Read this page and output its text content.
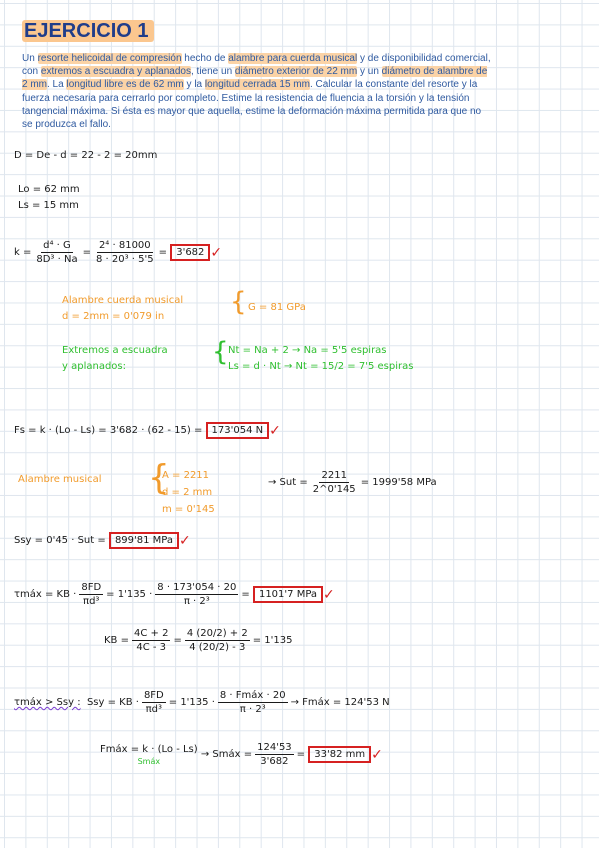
EJERCICIO 1
Un resorte helicoidal de compresión hecho de alambre para cuerda musical y de disponibilidad comercial, con extremos a escuadra y aplanados, tiene un diámetro exterior de 22 mm y un diámetro de alambre de 2 mm. La longitud libre es de 62 mm y la longitud cerrada 15 mm. Calcular la constante del resorte y la fuerza necesaria para cerrarlo por completo. Estime la resistencia de fluencia a la torsión y la tensión tangencial máxima. Si ésta es mayor que aquella, estime la deformación máxima permitida para que no se produzca el fallo.
D = De - d = 22 - 2 = 20mm
Lo = 62 mm
Ls = 15 mm
$k = \frac{\text{d⁴ · G}}{\text{8D³ · Na}} = \frac{\text{2⁴ · 81000}}{\text{8 · 20³ · 5'5}}$ =
3'682 ✓
Alambre cuerda musical
d = 2mm = 0'079 in	{ G = 81 GPa
Extremos a escuadra
y aplanados:	{ Nt = Na + 2 → Na = 5'5 espiras
Ls = d · Nt → Nt = 15/2 = 7'5 espiras
Fs = k · (Lo - Ls) = 3'682 · (62 - 15) =
173'054 N ✓
Alambre musical {
A = 2211
d = 2 mm
m = 0'145
→ Sut = $\frac{2211}{2\^{}0'145} = 1999'58$ MPa
Ssy = 0'45 · Sut =
899'81 MPa ✓
τmáx = KB · $\frac{8FD}{\text{πd³}} = 1'135 \cdot \frac{8 \cdot 173'054 \cdot 20}{\text{π · 2³}}$ =
1101'7 MPa ✓
KB = $\frac{4C + 2}{4C - 3} = \frac{4 (20/2) + 2}{4 (20/2) - 3} = 1'135$
τmáx > Ssy :
Ssy = KB · $\frac{8FD}{\text{πd³}} = 1'135 \cdot \frac{\text{8 · Fmáx · 20}}{\text{π · 2³}}$ → Fmáx = 124'53 N
Fmáx = k · (Lo - Ls)
Smáx

→ Smáx = $\frac{124'53}{3'682}$ =
33'82 mm ✓
